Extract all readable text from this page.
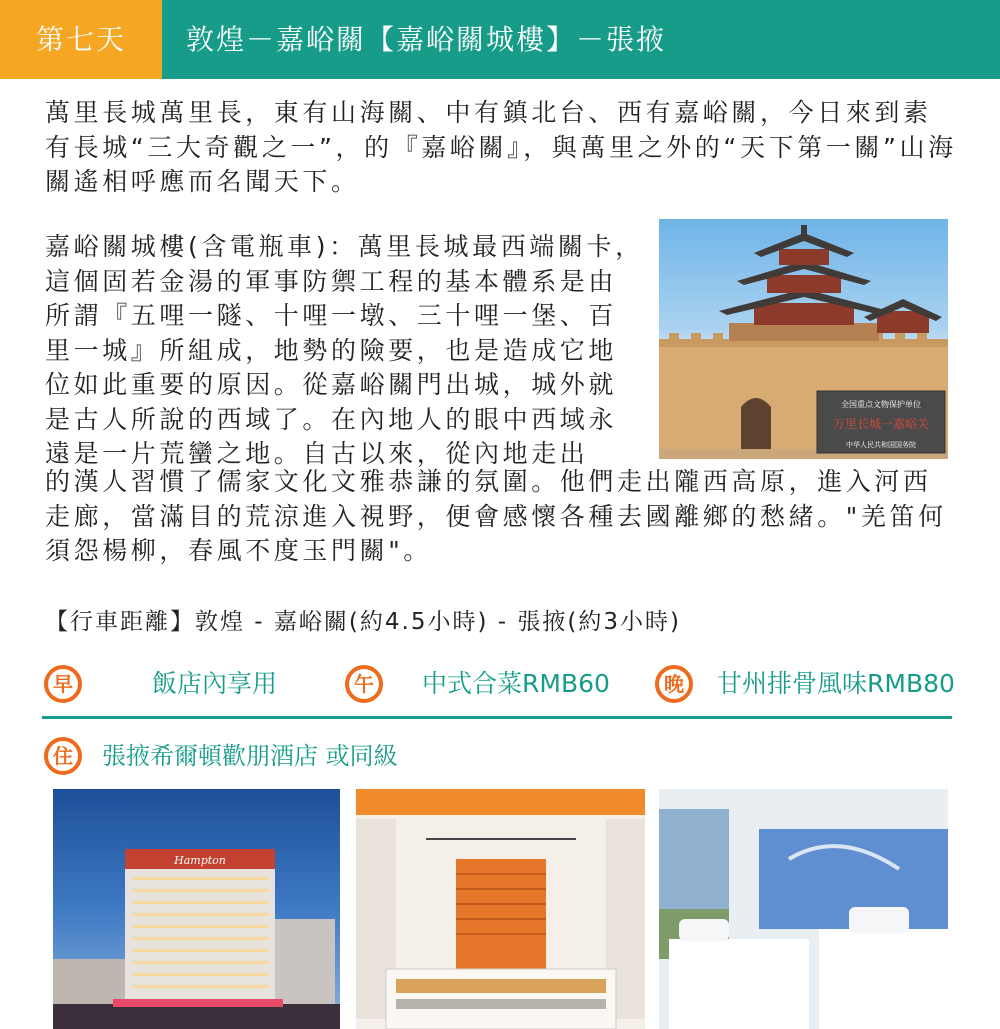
第七天	敦煌－嘉峪關【嘉峪關城樓】－張掖

萬里長城萬里長，東有山海關、中有鎮北台、西有嘉峪關，今日來到素有長城“三大奇觀之一”，的『嘉峪關』，與萬里之外的“天下第一關”山海關遙相呼應而名聞天下。

嘉峪關城樓(含電瓶車)：萬里長城最西端關卡，這個固若金湯的軍事防禦工程的基本體系是由所謂『五哩一隧、十哩一墩、三十哩一堡、百里一城』所組成，地勢的險要，也是造成它地位如此重要的原因。從嘉峪關門出城，城外就是古人所說的西域了。在內地人的眼中西域永遠是一片荒蠻之地。自古以來，從內地走出

全国重点文物保护单位
万里长城一嘉峪关
中华人民共和国国务院

的漢人習慣了儒家文化文雅恭謙的氛圍。他們走出隴西高原，進入河西走廊，當滿目的荒涼進入視野，便會感懷各種去國離鄉的愁緒。"羌笛何須怨楊柳，春風不度玉門關"。

【行車距離】敦煌 - 嘉峪關(約4.5小時) - 張掖(約3小時)
早	飯店內享用	午	中式合菜RMB60	晚	甘州排骨風味RMB80
住	張掖希爾頓歡朋酒店 或同級
Hampton
